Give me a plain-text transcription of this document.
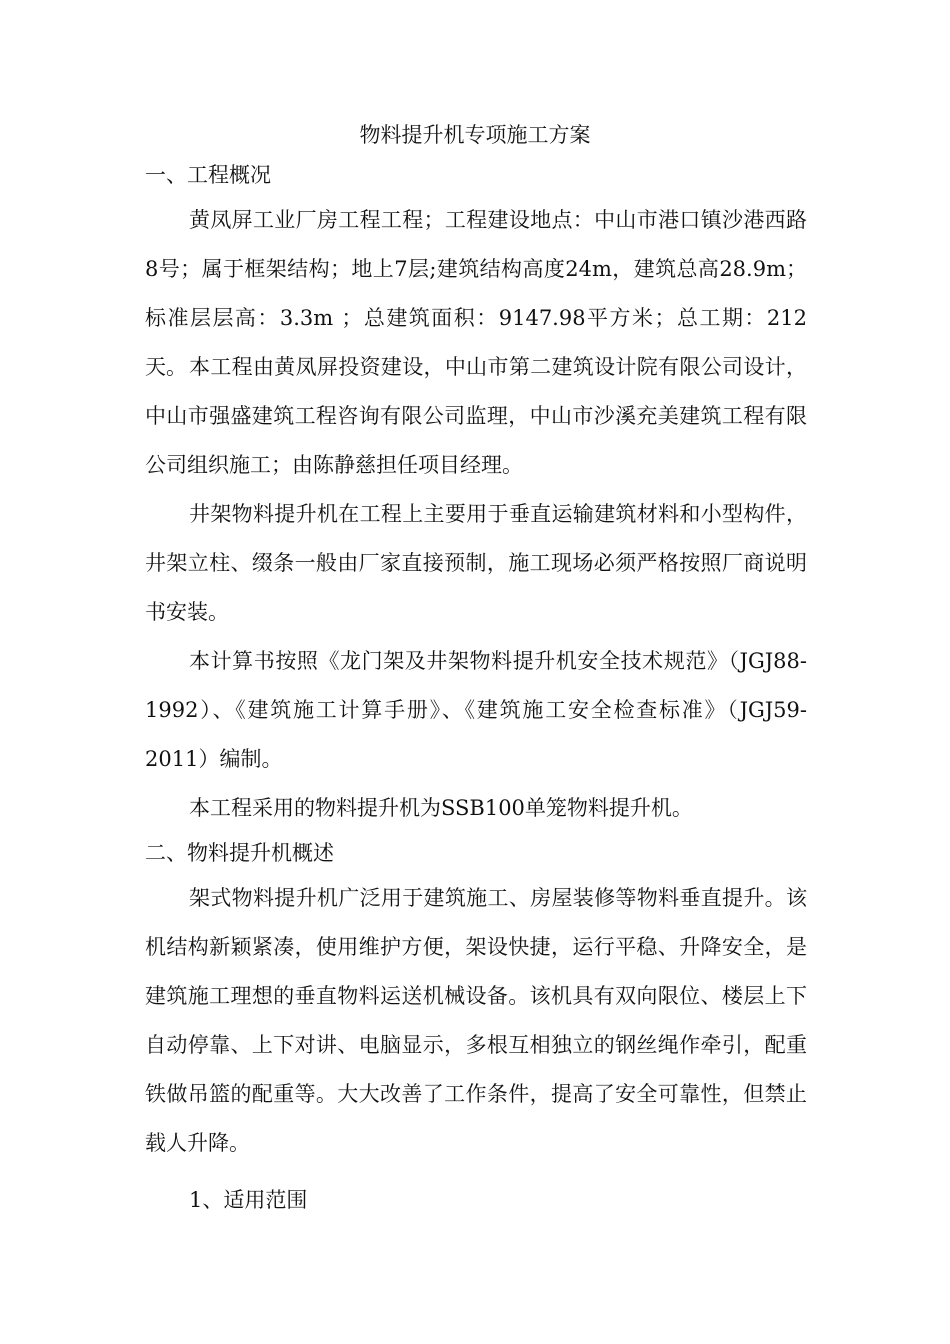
物料提升机专项施工方案
一、工程概况

黄凤屏工业厂房工程工程；工程建设地点：中山市港口镇沙港西路8号；属于框架结构；地上7层;建筑结构高度24m，建筑总高28.9m；标准层层高：3.3m ；总建筑面积：9147.98平方米；总工期：212天。 本工程由黄凤屏投资建设，中山市第二建筑设计院有限公司设计，中山市强盛建筑工程咨询有限公司监理，中山市沙溪充美建筑工程有限公司组织施工；由陈静慈担任项目经理。

井架物料提升机在工程上主要用于垂直运输建筑材料和小型构件，井架立柱、缀条一般由厂家直接预制，施工现场必须严格按照厂商说明书安装。

本计算书按照《龙门架及井架物料提升机安全技术规范》（JGJ88-1992）、《建筑施工计算手册》、《建筑施工安全检查标准》（JGJ59-2011）编制。

本工程采用的物料提升机为SSB100单笼物料提升机。

二、物料提升机概述

架式物料提升机广泛用于建筑施工、房屋装修等物料垂直提升。该机结构新颖紧凑，使用维护方便，架设快捷，运行平稳、升降安全，是建筑施工理想的垂直物料运送机械设备。该机具有双向限位、楼层上下自动停靠、上下对讲、电脑显示，多根互相独立的钢丝绳作牵引，配重铁做吊篮的配重等。大大改善了工作条件，提高了安全可靠性，但禁止载人升降。

1、适用范围
